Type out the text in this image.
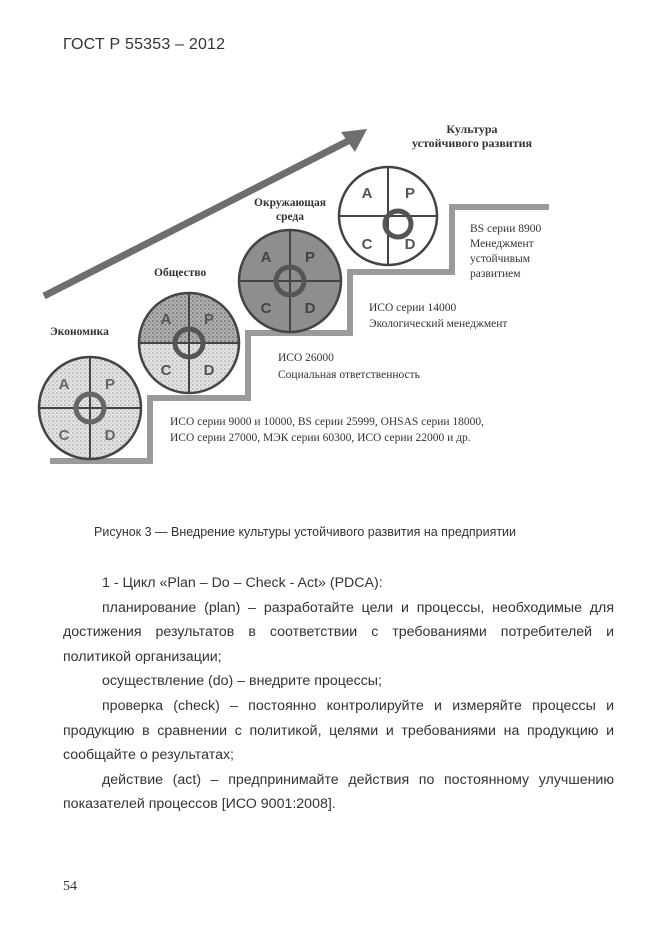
ГОСТ Р 55353 – 2012
Культура
устойчивого развития
Экономика
Общество
Окружающая
среда
A P
C D
A P
C D
A P
C D
A P
C D
BS серии 8900
Менеджмент
устойчивым
развитием
ИСО серии 14000
Экологический менеджмент
ИСО 26000
Социальная ответственность
ИСО серии 9000 и 10000, BS серии 25999, OHSAS серии 18000,
ИСО серии 27000, МЭК серии 60300, ИСО серии 22000 и др.
Рисунок 3 — Внедрение культуры устойчивого развития на предприятии

1 - Цикл «Plan – Do – Check - Act» (PDCA):

планирование (plan) – разработайте цели и процессы, необходимые для достижения результатов в соответствии с требованиями потребителей и политикой организации;

осуществление (do) – внедрите процессы;

проверка (check) – постоянно контролируйте и измеряйте процессы и продукцию в сравнении с политикой, целями и требованиями на продукцию и сообщайте о результатах;

действие (act) – предпринимайте действия по постоянному улучшению показателей процессов [ИСО 9001:2008].

54
